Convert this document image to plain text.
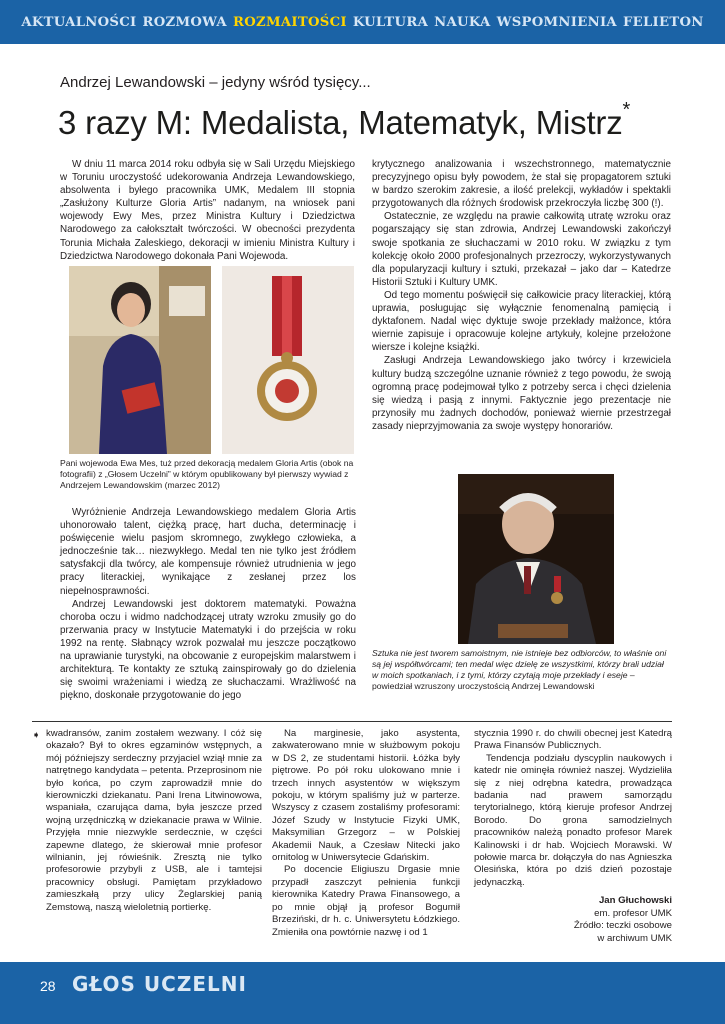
AKTUALNOŚCI ROZMOWA ROZMAITOŚCI KULTURA NAUKA WSPOMNIENIA FELIETON
Andrzej Lewandowski – jedyny wśród tysięcy...
3 razy M: Medalista, Matematyk, Mistrz*

W dniu 11 marca 2014 roku odbyła się w Sali Urzędu Miejskiego w Toruniu uroczystość udekorowania Andrzeja Lewandowskiego, absolwenta i byłego pracownika UMK, Medalem III stopnia „Zasłużony Kulturze Gloria Artis” nadanym, na wniosek pani wojewody Ewy Mes, przez Ministra Kultury i Dziedzictwa Narodowego za całokształt twórczości. W obecności prezydenta Torunia Michała Zaleskiego, dekoracji w imieniu Ministra Kultury i Dziedzictwa Narodowego dokonała Pani Wojewoda.

Pani wojewoda Ewa Mes, tuż przed dekoracją medalem Gloria Artis (obok na fotografii) z „Głosem Uczelni” w którym opublikowany był pierwszy wywiad z Andrzejem Lewandowskim (marzec 2012)

Wyróżnienie Andrzeja Lewandowskiego medalem Gloria Artis uhonorowało talent, ciężką pracę, hart ducha, determinację i poświęcenie wielu pasjom skromnego, zwykłego człowieka, a jednocześnie tak… niezwykłego. Medal ten nie tylko jest źródłem satysfakcji dla twórcy, ale kompensuje również utrudnienia w jego pracy literackiej, wynikające z zesłanej przez los niepełnosprawności.

Andrzej Lewandowski jest doktorem matematyki. Poważna choroba oczu i widmo nadchodzącej utraty wzroku zmusiły go do przerwania pracy w Instytucie Matematyki i do przejścia w roku 1992 na rentę. Słabnący wzrok pozwalał mu jeszcze początkowo na uprawianie turystyki, na obcowanie z europejskim malarstwem i architekturą. Te kontakty ze sztuką zainspirowały go do dzielenia się swoimi wrażeniami i wiedzą ze słuchaczami. Wrażliwość na piękno, doskonałe przygotowanie do jego

krytycznego analizowania i wszechstronnego, matematycznie precyzyjnego opisu były powodem, że stał się propagatorem sztuki w bardzo szerokim zakresie, a ilość prelekcji, wykładów i spektakli przygotowanych dla różnych środowisk przekroczyła liczbę 300 (!).

Ostatecznie, ze względu na prawie całkowitą utratę wzroku oraz pogarszający się stan zdrowia, Andrzej Lewandowski zakończył swoje spotkania ze słuchaczami w 2010 roku. W związku z tym kolekcję około 2000 profesjonalnych przezroczy, wykorzystywanych dla popularyzacji kultury i sztuki, przekazał – jako dar – Katedrze Historii Sztuki i Kultury UMK.

Od tego momentu poświęcił się całkowicie pracy literackiej, którą uprawia, posługując się wyłącznie fenomenalną pamięcią i dyktafonem. Nadal więc dyktuje swoje przekłady małżonce, która wiernie zapisuje i opracowuje kolejne artykuły, kolejne przełożone wiersze i kolejne książki.

Zasługi Andrzeja Lewandowskiego jako twórcy i krzewiciela kultury budzą szczególne uznanie również z tego powodu, że swoją ogromną pracę podejmował tylko z potrzeby serca i chęci dzielenia się wiedzą i pasją z innymi. Faktycznie jego prezentacje nie przynosiły mu żadnych dochodów, ponieważ wiernie przestrzegał zasady nieprzyjmowania za swoje występy honorariów.

Sztuka nie jest tworem samoistnym, nie istnieje bez odbiorców, to właśnie oni są jej współtwórcami; ten medal więc dzielę ze wszystkimi, którzy brali udział w moich spotkaniach, i z tymi, którzy czytają moje przekłady i eseje – powiedział wzruszony uroczystością Andrzej Lewandowski
➧ kwadransów, zanim zostałem wezwany. I cóż się okazało? Był to okres egzaminów wstępnych, a mój późniejszy serdeczny przyjaciel wziął mnie za natrętnego kandydata – petenta. Przeprosinom nie było końca, po czym zaprowadził mnie do kierowniczki dziekanatu. Pani Irena Litwinowowa, wspaniała, czarująca dama, była jeszcze przed wojną urzędniczką w dziekanacie prawa w Wilnie. Przyjęła mnie niezwykle serdecznie, w części zapewne dlatego, że skierował mnie profesor wilnianin, jej rówieśnik. Zresztą nie tylko profesorowie przybyli z USB, ale i tamtejsi pracownicy obsługi. Pamiętam przykładowo zamieszkałą przy ulicy Żeglarskiej panią Zemstową, naszą wieloletnią portierkę.

Na marginesie, jako asystenta, zakwaterowano mnie w służbowym pokoju w DS 2, ze studentami historii. Łóżka były piętrowe. Po pół roku ulokowano mnie i trzech innych asystentów w większym pokoju, w którym spaliśmy już w parterze. Wszyscy z czasem zostaliśmy profesorami: Józef Szudy w Instytucie Fizyki UMK, Maksymilian Grzegorz – w Polskiej Akademii Nauk, a Czesław Nitecki jako ornitolog w Uniwersytecie Gdańskim.

Po docencie Eligiuszu Drgasie mnie przypadł zaszczyt pełnienia funkcji kierownika Katedry Prawa Finansowego, a po mnie objął ją profesor Bogumił Brzeziński, dr h. c. Uniwersytetu Łódzkiego. Zmieniła ona powtórnie nazwę i od 1

stycznia 1990 r. do chwili obecnej jest Katedrą Prawa Finansów Publicznych.

Tendencja podziału dyscyplin naukowych i katedr nie ominęła również naszej. Wydzieliła się z niej odrębna katedra, prowadząca badania nad prawem samorządu terytorialnego, którą kieruje profesor Andrzej Borodo. Do grona samodzielnych pracowników należą ponadto profesor Marek Kalinowski i dr hab. Wojciech Morawski. W połowie marca br. dołączyła do nas Agnieszka Olesińska, która po dziś dzień pozostaje jedynaczką.

Jan Głuchowski
em. profesor UMK
Źródło: teczki osobowe
w archiwum UMK
28 GŁOS UCZELNI
